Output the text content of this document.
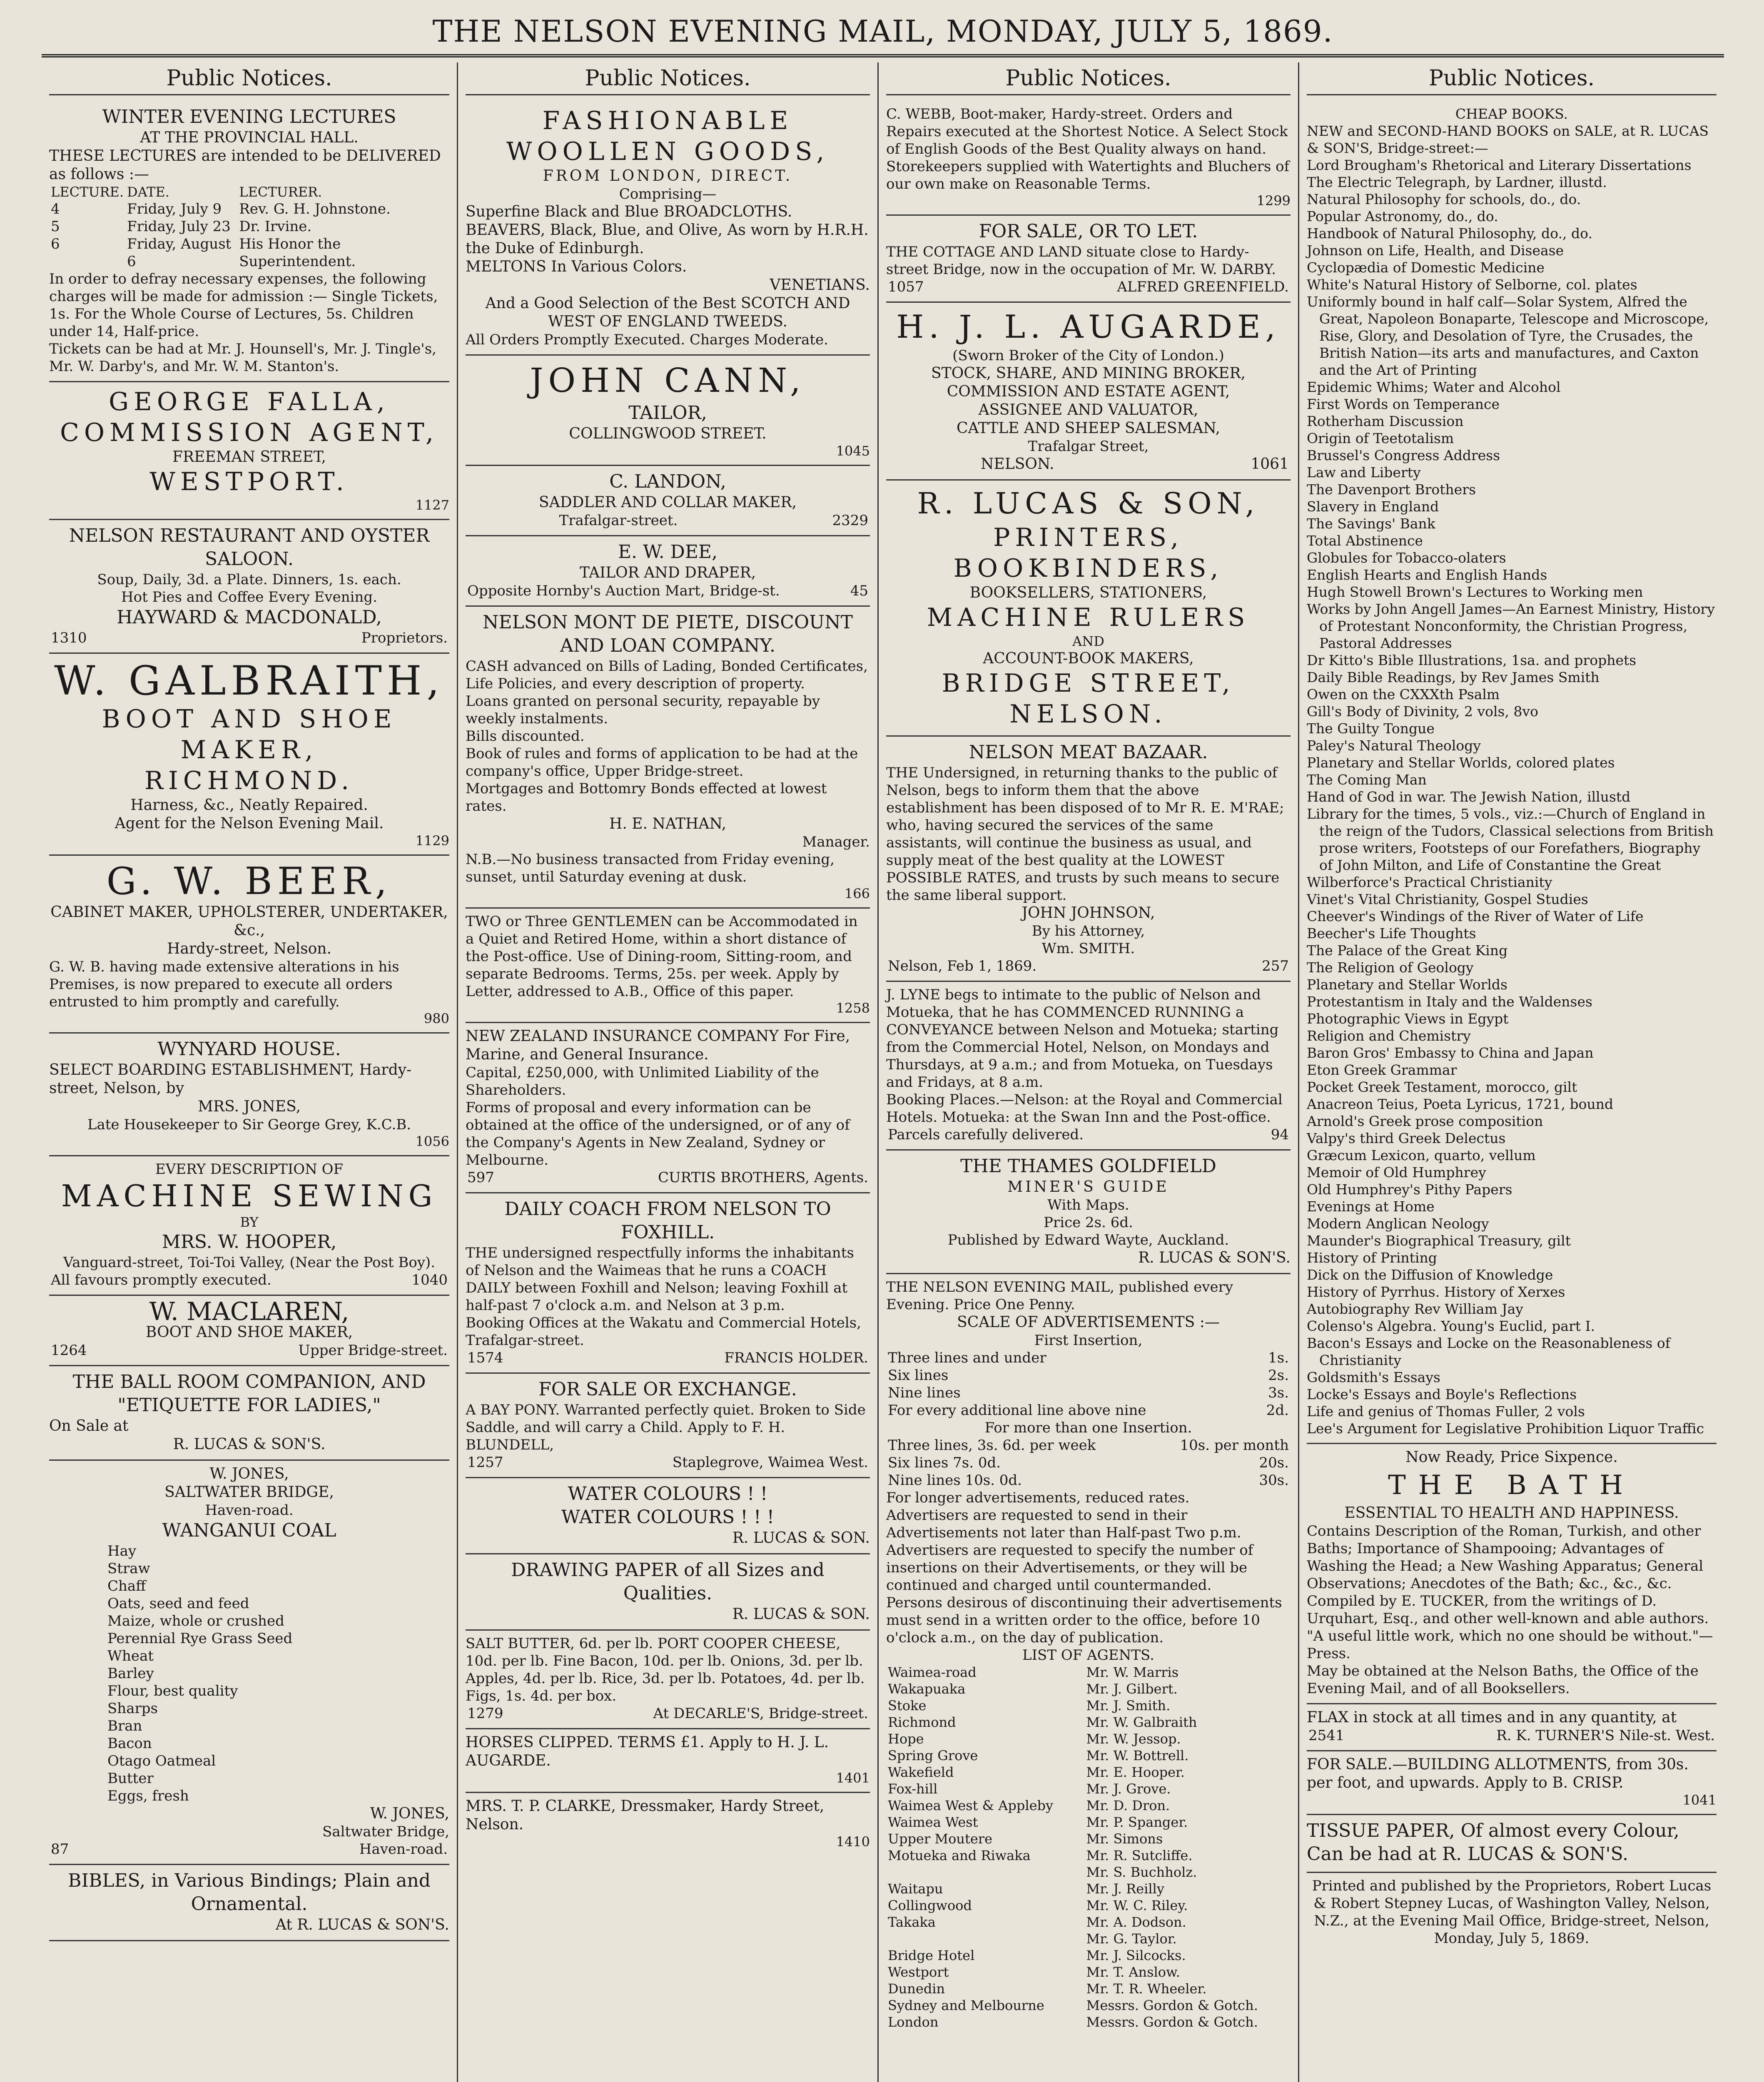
THE NELSON EVENING MAIL, MONDAY, JULY 5, 1869.
Public Notices.

WINTER EVENING LECTURES

AT THE PROVINCIAL HALL.

THESE LECTURES are intended to be DELIVERED as follows :—

LECTURE.	DATE.	LECTURER.
4	Friday, July 9	Rev. G. H. Johnstone.
5	Friday, July 23	Dr. Irvine.
6	Friday, August 6	His Honor the Superintendent.

In order to defray necessary expenses, the following charges will be made for admission :— Single Tickets, 1s. For the Whole Course of Lectures, 5s. Children under 14, Half-price.

Tickets can be had at Mr. J. Hounsell's, Mr. J. Tingle's, Mr. W. Darby's, and Mr. W. M. Stanton's.

GEORGE FALLA,

COMMISSION AGENT,

FREEMAN STREET,

WESTPORT.

1127

NELSON RESTAURANT AND OYSTER SALOON.

Soup, Daily, 3d. a Plate. Dinners, 1s. each.

Hot Pies and Coffee Every Evening.

HAYWARD & MACDONALD,

1310	Proprietors.

W. GALBRAITH,

BOOT AND SHOE MAKER,

RICHMOND.

Harness, &c., Neatly Repaired.

Agent for the Nelson Evening Mail.

1129

G. W. BEER,

CABINET MAKER, UPHOLSTERER, UNDERTAKER, &c.,

Hardy-street, Nelson.

G. W. B. having made extensive alterations in his Premises, is now prepared to execute all orders entrusted to him promptly and carefully.

980

WYNYARD HOUSE.

SELECT BOARDING ESTABLISHMENT, Hardy-street, Nelson, by

MRS. JONES,

Late Housekeeper to Sir George Grey, K.C.B.

1056

EVERY DESCRIPTION OF

MACHINE SEWING

BY

MRS. W. HOOPER,

Vanguard-street, Toi-Toi Valley, (Near the Post Boy).

All favours promptly executed.	1040

W. MACLAREN,

BOOT AND SHOE MAKER,

1264	Upper Bridge-street.

THE BALL ROOM COMPANION, AND "ETIQUETTE FOR LADIES,"

On Sale at

R. LUCAS & SON'S.

W. JONES,

SALTWATER BRIDGE,

Haven-road.

WANGANUI COAL

Hay

Straw

Chaff

Oats, seed and feed

Maize, whole or crushed

Perennial Rye Grass Seed

Wheat

Barley

Flour, best quality

Sharps

Bran

Bacon

Otago Oatmeal

Butter

Eggs, fresh

W. JONES,

Saltwater Bridge,

87	Haven-road.

BIBLES, in Various Bindings; Plain and Ornamental.

At R. LUCAS & SON'S.

Public Notices.

FASHIONABLE WOOLLEN GOODS,

FROM LONDON, DIRECT.

Comprising—

Superfine Black and Blue BROADCLOTHS.

BEAVERS, Black, Blue, and Olive, As worn by H.R.H. the Duke of Edinburgh.

MELTONS In Various Colors.

VENETIANS.

And a Good Selection of the Best SCOTCH AND WEST OF ENGLAND TWEEDS.

All Orders Promptly Executed. Charges Moderate.

JOHN CANN,

TAILOR,

COLLINGWOOD STREET.

1045

C. LANDON,

SADDLER AND COLLAR MAKER,

Trafalgar-street.	2329

E. W. DEE,

TAILOR AND DRAPER,

Opposite Hornby's Auction Mart, Bridge-st.	45

NELSON MONT DE PIETE, DISCOUNT AND LOAN COMPANY.

CASH advanced on Bills of Lading, Bonded Certificates, Life Policies, and every description of property.

Loans granted on personal security, repayable by weekly instalments.

Bills discounted.

Book of rules and forms of application to be had at the company's office, Upper Bridge-street.

Mortgages and Bottomry Bonds effected at lowest rates.

H. E. NATHAN,

Manager.

N.B.—No business transacted from Friday evening, sunset, until Saturday evening at dusk.

166

TWO or Three GENTLEMEN can be Accommodated in a Quiet and Retired Home, within a short distance of the Post-office. Use of Dining-room, Sitting-room, and separate Bedrooms. Terms, 25s. per week. Apply by Letter, addressed to A.B., Office of this paper.

1258

NEW ZEALAND INSURANCE COMPANY For Fire, Marine, and General Insurance.

Capital, £250,000, with Unlimited Liability of the Shareholders.

Forms of proposal and every information can be obtained at the office of the undersigned, or of any of the Company's Agents in New Zealand, Sydney or Melbourne.

597	CURTIS BROTHERS, Agents.

DAILY COACH FROM NELSON TO FOXHILL.

THE undersigned respectfully informs the inhabitants of Nelson and the Waimeas that he runs a COACH DAILY between Foxhill and Nelson; leaving Foxhill at half-past 7 o'clock a.m. and Nelson at 3 p.m.

Booking Offices at the Wakatu and Commercial Hotels, Trafalgar-street.

1574	FRANCIS HOLDER.

FOR SALE OR EXCHANGE.

A BAY PONY. Warranted perfectly quiet. Broken to Side Saddle, and will carry a Child. Apply to F. H. BLUNDELL,

1257	Staplegrove, Waimea West.

WATER COLOURS ! !

WATER COLOURS ! ! !

R. LUCAS & SON.

DRAWING PAPER of all Sizes and Qualities.

R. LUCAS & SON.

SALT BUTTER, 6d. per lb. PORT COOPER CHEESE, 10d. per lb. Fine Bacon, 10d. per lb. Onions, 3d. per lb. Apples, 4d. per lb. Rice, 3d. per lb. Potatoes, 4d. per lb. Figs, 1s. 4d. per box.

1279	At DECARLE'S, Bridge-street.

HORSES CLIPPED. TERMS £1. Apply to H. J. L. AUGARDE.

1401

MRS. T. P. CLARKE, Dressmaker, Hardy Street, Nelson.

1410

Public Notices.

C. WEBB, Boot-maker, Hardy-street. Orders and Repairs executed at the Shortest Notice. A Select Stock of English Goods of the Best Quality always on hand. Storekeepers supplied with Watertights and Bluchers of our own make on Reasonable Terms.

1299

FOR SALE, OR TO LET.

THE COTTAGE AND LAND situate close to Hardy-street Bridge, now in the occupation of Mr. W. DARBY.

1057	ALFRED GREENFIELD.

H. J. L. AUGARDE,

(Sworn Broker of the City of London.)

STOCK, SHARE, AND MINING BROKER,

COMMISSION AND ESTATE AGENT,

ASSIGNEE AND VALUATOR,

CATTLE AND SHEEP SALESMAN,

Trafalgar Street,

NELSON.	1061

R. LUCAS & SON,

PRINTERS,

BOOKBINDERS,

BOOKSELLERS, STATIONERS,

MACHINE RULERS

AND

ACCOUNT-BOOK MAKERS,

BRIDGE STREET,

NELSON.

NELSON MEAT BAZAAR.

THE Undersigned, in returning thanks to the public of Nelson, begs to inform them that the above establishment has been disposed of to Mr R. E. M'RAE; who, having secured the services of the same assistants, will continue the business as usual, and supply meat of the best quality at the LOWEST POSSIBLE RATES, and trusts by such means to secure the same liberal support.

JOHN JOHNSON,

By his Attorney,

Wm. SMITH.

Nelson, Feb 1, 1869.	257

J. LYNE begs to intimate to the public of Nelson and Motueka, that he has COMMENCED RUNNING a CONVEYANCE between Nelson and Motueka; starting from the Commercial Hotel, Nelson, on Mondays and Thursdays, at 9 a.m.; and from Motueka, on Tuesdays and Fridays, at 8 a.m.

Booking Places.—Nelson: at the Royal and Commercial Hotels. Motueka: at the Swan Inn and the Post-office.

Parcels carefully delivered.	94

THE THAMES GOLDFIELD

MINER'S GUIDE

With Maps.

Price 2s. 6d.

Published by Edward Wayte, Auckland.

R. LUCAS & SON'S.

THE NELSON EVENING MAIL, published every Evening. Price One Penny.

SCALE OF ADVERTISEMENTS :—

First Insertion,

Three lines and under	1s.
Six lines	2s.
Nine lines	3s.
For every additional line above nine	2d.

For more than one Insertion.

Three lines, 3s. 6d. per week	10s. per month
Six lines 7s. 0d.	20s.
Nine lines 10s. 0d.	30s.

For longer advertisements, reduced rates.

Advertisers are requested to send in their Advertisements not later than Half-past Two p.m.

Advertisers are requested to specify the number of insertions on their Advertisements, or they will be continued and charged until countermanded.

Persons desirous of discontinuing their advertisements must send in a written order to the office, before 10 o'clock a.m., on the day of publication.

LIST OF AGENTS.

Waimea-road	Mr. W. Marris
Wakapuaka	Mr. J. Gilbert.
Stoke	Mr. J. Smith.
Richmond	Mr. W. Galbraith
Hope	Mr. W. Jessop.
Spring Grove	Mr. W. Bottrell.
Wakefield	Mr. E. Hooper.
Fox-hill	Mr. J. Grove.
Waimea West & Appleby	Mr. D. Dron.
Waimea West	Mr. P. Spanger.
Upper Moutere	Mr. Simons
Motueka and Riwaka	Mr. R. Sutcliffe.
	Mr. S. Buchholz.
Waitapu	Mr. J. Reilly
Collingwood	Mr. W. C. Riley.
Takaka	Mr. A. Dodson.
	Mr. G. Taylor.
Bridge Hotel	Mr. J. Silcocks.
Westport	Mr. T. Anslow.
Dunedin	Mr. T. R. Wheeler.
Sydney and Melbourne	Messrs. Gordon & Gotch.
London	Messrs. Gordon & Gotch.
Public Notices.

CHEAP BOOKS.

NEW and SECOND-HAND BOOKS on SALE, at R. LUCAS & SON'S, Bridge-street:—

Lord Brougham's Rhetorical and Literary Dissertations

The Electric Telegraph, by Lardner, illustd.

Natural Philosophy for schools, do., do.

Popular Astronomy, do., do.

Handbook of Natural Philosophy, do., do.

Johnson on Life, Health, and Disease

Cyclopædia of Domestic Medicine

White's Natural History of Selborne, col. plates

Uniformly bound in half calf—Solar System, Alfred the Great, Napoleon Bonaparte, Telescope and Microscope, Rise, Glory, and Desolation of Tyre, the Crusades, the British Nation—its arts and manufactures, and Caxton and the Art of Printing

Epidemic Whims; Water and Alcohol

First Words on Temperance

Rotherham Discussion

Origin of Teetotalism

Brussel's Congress Address

Law and Liberty

The Davenport Brothers

Slavery in England

The Savings' Bank

Total Abstinence

Globules for Tobacco-olaters

English Hearts and English Hands

Hugh Stowell Brown's Lectures to Working men

Works by John Angell James—An Earnest Ministry, History of Protestant Nonconformity, the Christian Progress, Pastoral Addresses

Dr Kitto's Bible Illustrations, 1sa. and prophets

Daily Bible Readings, by Rev James Smith

Owen on the CXXXth Psalm

Gill's Body of Divinity, 2 vols, 8vo

The Guilty Tongue

Paley's Natural Theology

Planetary and Stellar Worlds, colored plates

The Coming Man

Hand of God in war. The Jewish Nation, illustd

Library for the times, 5 vols., viz.:—Church of England in the reign of the Tudors, Classical selections from British prose writers, Footsteps of our Forefathers, Biography of John Milton, and Life of Constantine the Great

Wilberforce's Practical Christianity

Vinet's Vital Christianity, Gospel Studies

Cheever's Windings of the River of Water of Life

Beecher's Life Thoughts

The Palace of the Great King

The Religion of Geology

Planetary and Stellar Worlds

Protestantism in Italy and the Waldenses

Photographic Views in Egypt

Religion and Chemistry

Baron Gros' Embassy to China and Japan

Eton Greek Grammar

Pocket Greek Testament, morocco, gilt

Anacreon Teius, Poeta Lyricus, 1721, bound

Arnold's Greek prose composition

Valpy's third Greek Delectus

Græcum Lexicon, quarto, vellum

Memoir of Old Humphrey

Old Humphrey's Pithy Papers

Evenings at Home

Modern Anglican Neology

Maunder's Biographical Treasury, gilt

History of Printing

Dick on the Diffusion of Knowledge

History of Pyrrhus. History of Xerxes

Autobiography Rev William Jay

Colenso's Algebra. Young's Euclid, part I.

Bacon's Essays and Locke on the Reasonableness of Christianity

Goldsmith's Essays

Locke's Essays and Boyle's Reflections

Life and genius of Thomas Fuller, 2 vols

Lee's Argument for Legislative Prohibition Liquor Traffic

Now Ready, Price Sixpence.

THE BATH

ESSENTIAL TO HEALTH AND HAPPINESS.

Contains Description of the Roman, Turkish, and other Baths; Importance of Shampooing; Advantages of Washing the Head; a New Washing Apparatus; General Observations; Anecdotes of the Bath; &c., &c., &c.

Compiled by E. TUCKER, from the writings of D. Urquhart, Esq., and other well-known and able authors.

"A useful little work, which no one should be without."—Press.

May be obtained at the Nelson Baths, the Office of the Evening Mail, and of all Booksellers.

FLAX in stock at all times and in any quantity, at

2541	R. K. TURNER'S Nile-st. West.

FOR SALE.—BUILDING ALLOTMENTS, from 30s. per foot, and upwards. Apply to B. CRISP.

1041

TISSUE PAPER, Of almost every Colour, Can be had at R. LUCAS & SON'S.

Printed and published by the Proprietors, Robert Lucas & Robert Stepney Lucas, of Washington Valley, Nelson, N.Z., at the Evening Mail Office, Bridge-street, Nelson, Monday, July 5, 1869.
